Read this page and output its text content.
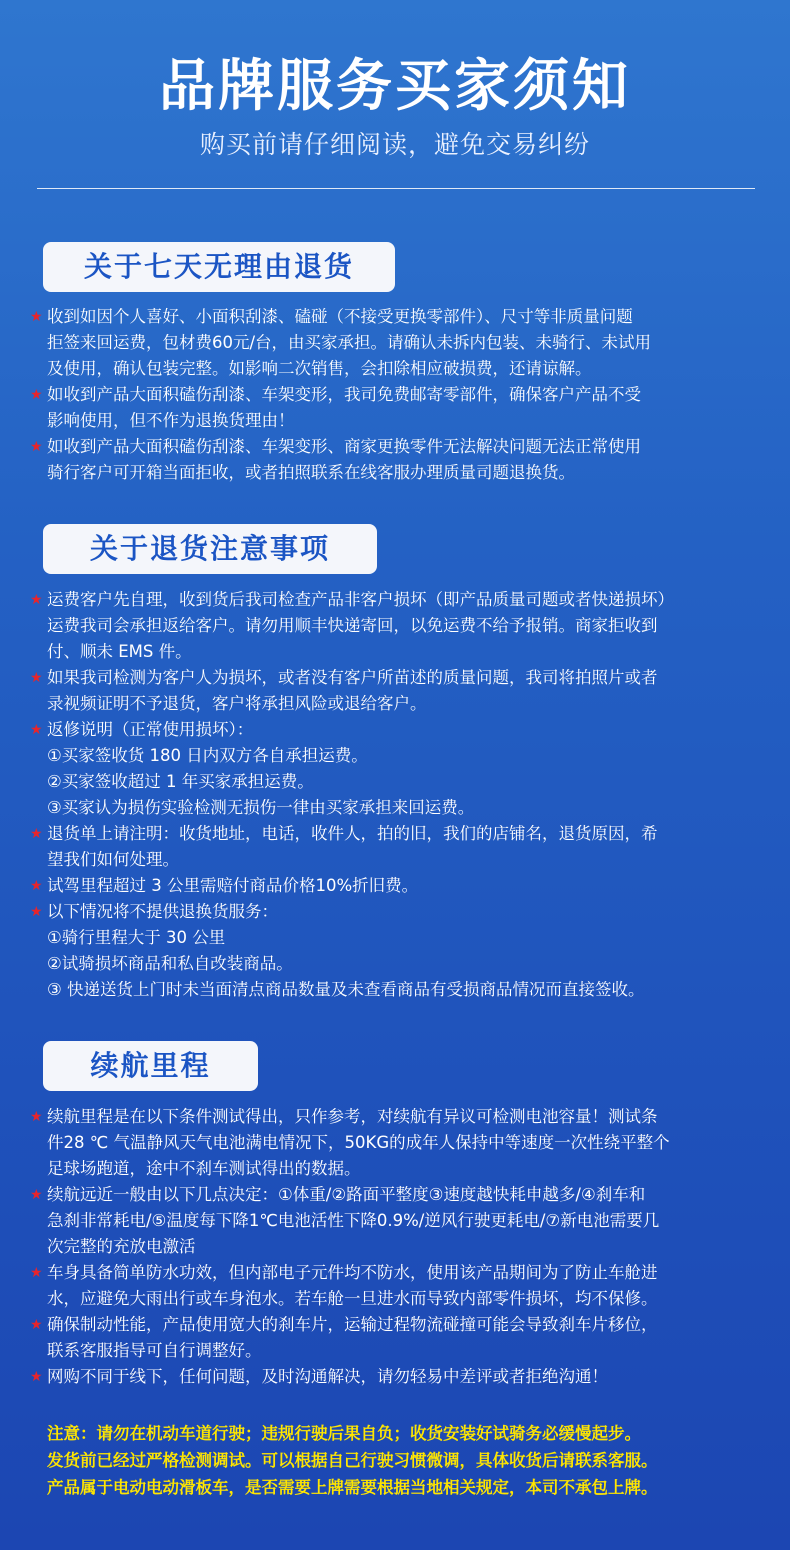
品牌服务买家须知
购买前请仔细阅读，避免交易纠纷
关于七天无理由退货
★ 收到如因个人喜好、小面积刮漆、磕碰（不接受更换零部件）、尺寸等非质量问题
拒签来回运费，包材费60元/台，由买家承担。请确认未拆内包装、未骑行、未试用
及使用，确认包装完整。如影响二次销售，会扣除相应破损费，还请谅解。
★ 如收到产品大面积磕伤刮漆、车架变形，我司免费邮寄零部件，确保客户产品不受
影响使用，但不作为退换货理由！
★ 如收到产品大面积磕伤刮漆、车架变形、商家更换零件无法解决问题无法正常使用
骑行客户可开箱当面拒收，或者拍照联系在线客服办理质量司题退换货。
关于退货注意事项
★ 运费客户先自理，收到货后我司检查产品非客户损坏（即产品质量司题或者快递损坏）
运费我司会承担返给客户。请勿用顺丰快递寄回，以免运费不给予报销。商家拒收到
付、顺未 EMS 件。
★ 如果我司检测为客户人为损坏，或者没有客户所苗述的质量问题，我司将拍照片或者
录视频证明不予退货，客户将承担风险或退给客户。
★ 返修说明（正常使用损坏）：
①买家签收货 180 日内双方各自承担运费。
②买家签收超过 1 年买家承担运费。
③买家认为损伤实验检测无损伤一律由买家承担来回运费。
★ 退货单上请注明：收货地址，电话，收件人，拍的旧，我们的店铺名，退货原因，希
望我们如何处理。
★ 试驾里程超过 3 公里需赔付商品价格10%折旧费。
★ 以下情况将不提供退换货服务：
①骑行里程大于 30 公里
②试骑损坏商品和私自改装商品。
③ 快递送货上门时未当面清点商品数量及未查看商品有受损商品情况而直接签收。
续航里程
★ 续航里程是在以下条件测试得出，只作参考，对续航有异议可检测电池容量！测试条
件28 ℃ 气温静风天气电池满电情况下，50KG的成年人保持中等速度一次性绕平整个
足球场跑道，途中不刹车测试得出的数据。
★ 续航远近一般由以下几点决定：①体重/②路面平整度③速度越快耗申越多/④刹车和
急刹非常耗电/⑤温度每下降1℃电池活性下降0.9%/逆风行驶更耗电/⑦新电池需要几
次完整的充放电激活
★ 车身具备简单防水功效，但内部电子元件均不防水，使用该产品期间为了防止车舱进
水，应避免大雨出行或车身泡水。若车舱一旦进水而导致内部零件损坏，均不保修。
★ 确保制动性能，产品使用宽大的刹车片，运输过程物流碰撞可能会导致刹车片移位，
联系客服指导可自行调整好。
★ 网购不同于线下，任何问题，及时沟通解决，请勿轻易中差评或者拒绝沟通！
注意：请勿在机动车道行驶；违规行驶后果自负；收货安装好试骑务必缓慢起步。
发货前已经过严格检测调试。可以根据自己行驶习惯微调，具体收货后请联系客服。
产品属于电动电动滑板车，是否需要上牌需要根据当地相关规定，本司不承包上牌。
